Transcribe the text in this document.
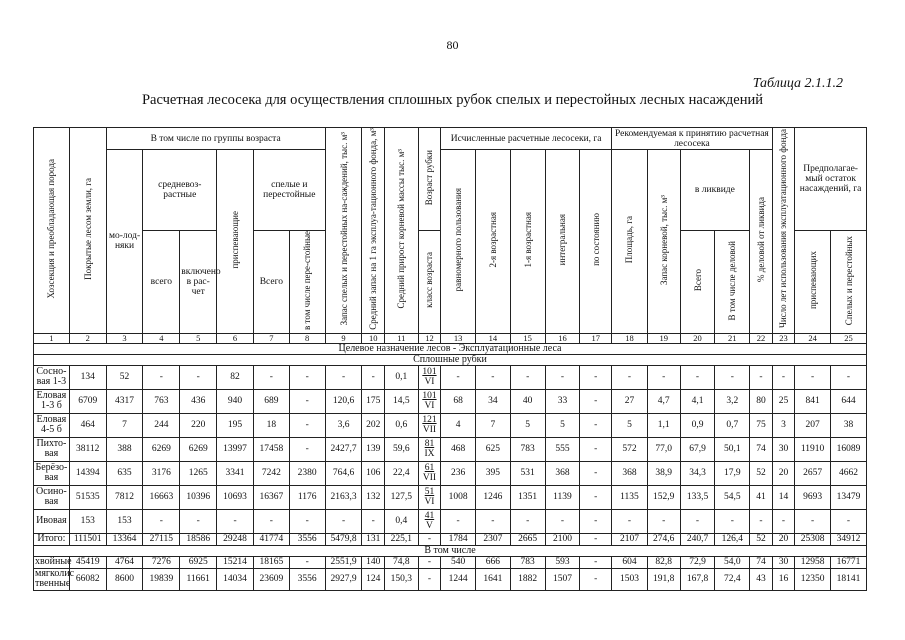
80
Таблица 2.1.1.2
Расчетная лесосека для осуществления сплошных рубок спелых и перестойных лесных насаждений
Хозсекция и преобладающая порода	Покрытые лесом земли, га	В том числе по группы возраста						Запас спелых и перестойных на-саждений, тыс. м³	Средний запас на 1 га эксплуа-тационного фонда, м³	Средний прирост корневой массы тыс. м³	Возраст рубки	Исчисленные расчетные лесосеки, га					Рекомендуемая к принятию расчетная лесосека					Число лет использования эксплуатационного фонда	Предполагае-мый остаток насаждений, га	
		мо-лод-няки	средневоз-растные		приспевающие	спелые и перестойные						равномерного пользования	2-я возрастная	1-я возрастная	интегральная	по состоянию	Площадь, га	Запас корневой, тыс. м³	в ликвиде		% деловой от ликвида			
			всего	включено в рас-чет		Всего	в том числе пере-стойные				класс возраста								Всего	В том числе деловой			приспевающих	Спелых и перестойных
1	2	3	4	5	6	7	8	9	10	11	12	13	14	15	16	17	18	19	20	21	22	23	24	25
Целевое назначение лесов - Эксплуатационные леса																								
Сплошные рубки																								
Сосно-вая 1-3	134	52	-	-	82	-	-	-	-	0,1	$\frac{101}{VI}$	-	-	-	-	-	-	-	-	-	-	-	-	-
Еловая 1-3 б	6709	4317	763	436	940	689	-	120,6	175	14,5	$\frac{101}{VI}$	68	34	40	33	-	27	4,7	4,1	3,2	80	25	841	644
Еловая 4-5 б	464	7	244	220	195	18	-	3,6	202	0,6	$\frac{121}{\text{VII}}$	4	7	5	5	-	5	1,1	0,9	0,7	75	3	207	38
Пихто-вая	38112	388	6269	6269	13997	17458	-	2427,7	139	59,6	$\frac{81}{IX}$	468	625	783	555	-	572	77,0	67,9	50,1	74	30	11910	16089
Берёзо-вая	14394	635	3176	1265	3341	7242	2380	764,6	106	22,4	$\frac{61}{\text{VII}}$	236	395	531	368	-	368	38,9	34,3	17,9	52	20	2657	4662
Осино-вая	51535	7812	16663	10396	10693	16367	1176	2163,3	132	127,5	$\frac{51}{VI}$	1008	1246	1351	1139	-	1135	152,9	133,5	54,5	41	14	9693	13479
Ивовая	153	153	-	-	-	-	-	-	-	0,4	$\frac{41}{V}$	-	-	-	-	-	-	-	-	-	-	-	-	-
Итого:	111501	13364	27115	18586	29248	41774	3556	5479,8	131	225,1	-	1784	2307	2665	2100	-	2107	274,6	240,7	126,4	52	20	25308	34912
В том числе																								
хвойные	45419	4764	7276	6925	15214	18165	-	2551,9	140	74,8	-	540	666	783	593	-	604	82,8	72,9	54,0	74	30	12958	16771
мягколис твенные	66082	8600	19839	11661	14034	23609	3556	2927,9	124	150,3	-	1244	1641	1882	1507	-	1503	191,8	167,8	72,4	43	16	12350	18141
